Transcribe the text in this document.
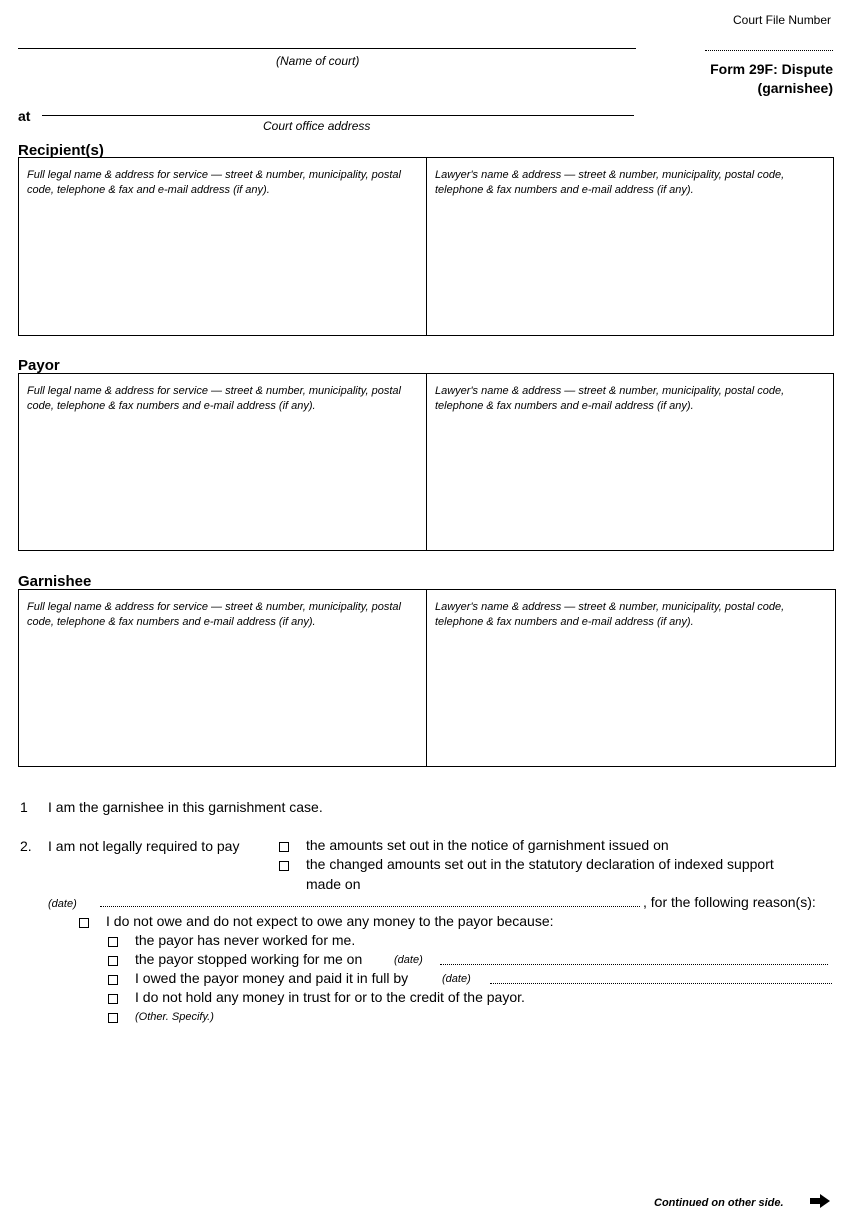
Court File Number
(Name of court)
at
Court office address
Form 29F: Dispute
(garnishee)
Recipient(s)
Full legal name & address for service — street & number, municipality, postal code, telephone & fax and e-mail address (if any).
Lawyer's name & address — street & number, municipality, postal code, telephone & fax numbers and e-mail address (if any).
Payor
Full legal name & address for service — street & number, municipality, postal code, telephone & fax numbers and e-mail address (if any).
Lawyer's name & address — street & number, municipality, postal code, telephone & fax numbers and e-mail address (if any).
Garnishee
Full legal name & address for service — street & number, municipality, postal code, telephone & fax numbers and e-mail address (if any).
Lawyer's name & address — street & number, municipality, postal code, telephone & fax numbers and e-mail address (if any).
1 I am the garnishee in this garnishment case.
2. I am not legally required to pay	the amounts set out in the notice of garnishment issued on
the changed amounts set out in the statutory declaration of indexed support
made on
(date)	, for the following reason(s):
I do not owe and do not expect to owe any money to the payor because:
the payor has never worked for me.
the payor stopped working for me on	(date)
I owed the payor money and paid it in full by	(date)
I do not hold any money in trust for or to the credit of the payor.
(Other. Specify.)
Continued on other side.
